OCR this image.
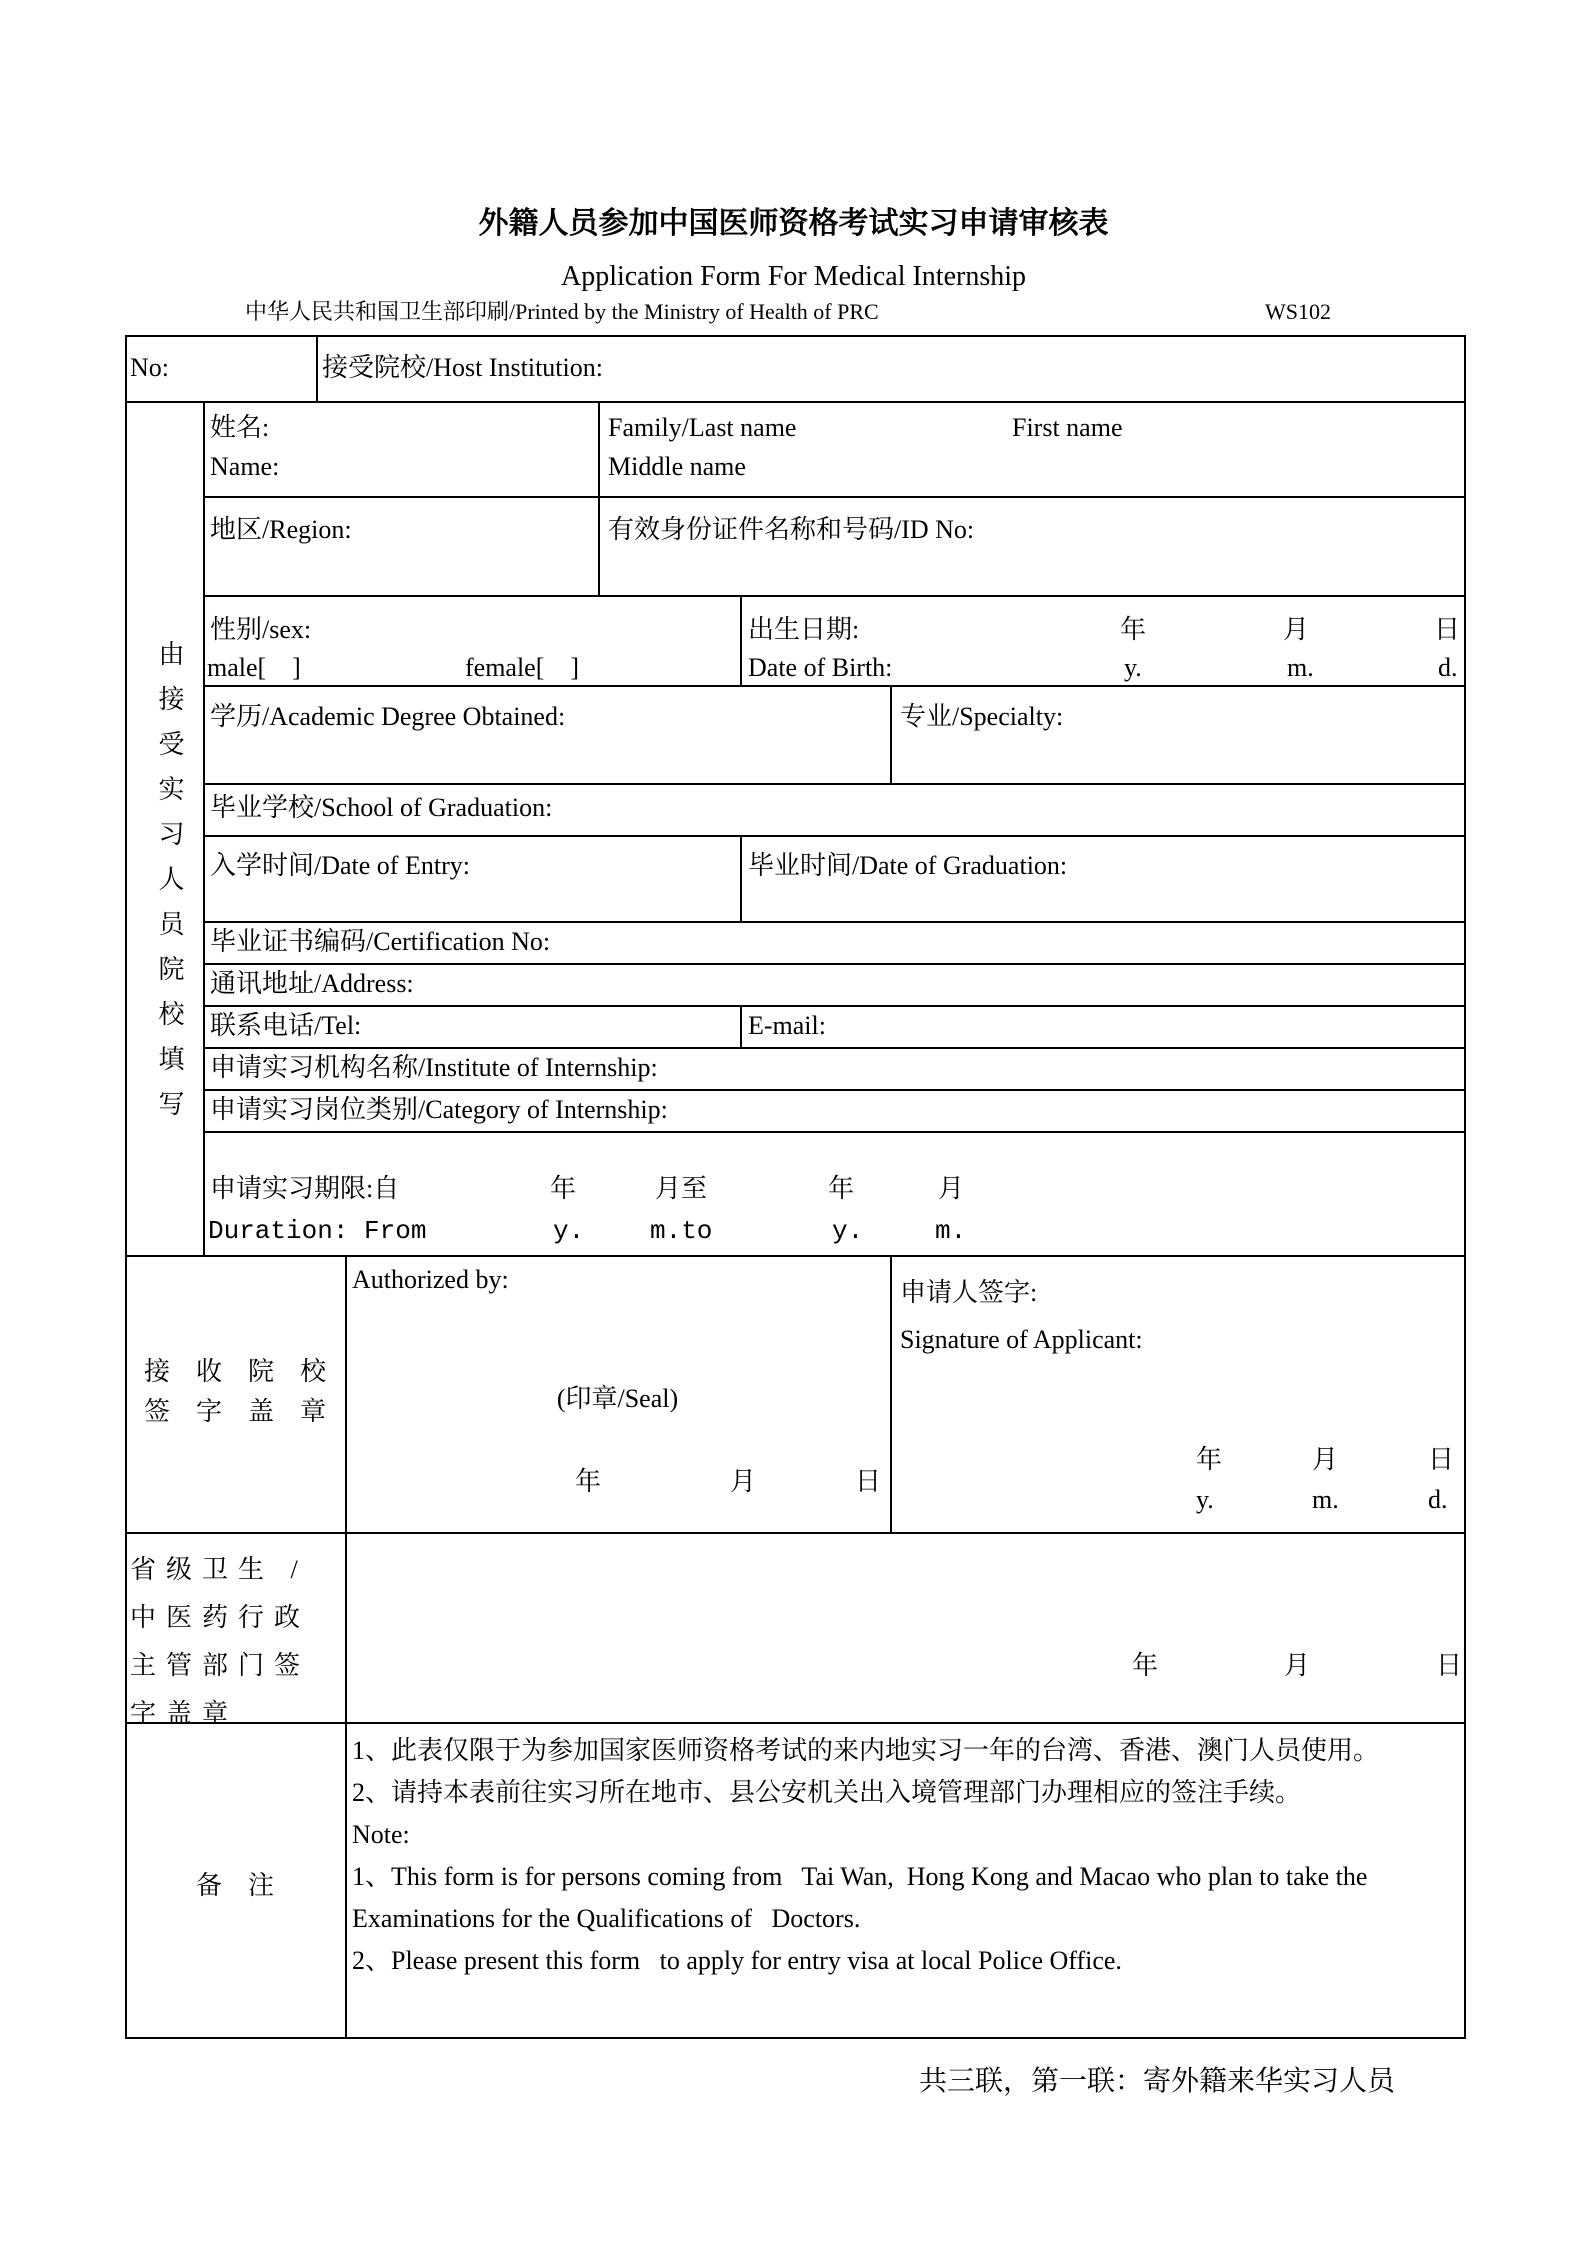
外籍人员参加中国医师资格考试实习申请审核表
Application Form For Medical Internship
中华人民共和国卫生部印刷/Printed by the Ministry of Health of PRC	WS102
No:	接受院校/Host Institution:
由接受实习人员院校填写
姓名:
Name:
Family/Last name	First name
Middle name
地区/Region:	有效身份证件名称和号码/ID No:
性别/sex:
male[    ]	female[    ]
出生日期:	年	月	日
Date of Birth:	y.	m.	d.
学历/Academic Degree Obtained:	专业/Specialty:
毕业学校/School of Graduation:
入学时间/Date of Entry:	毕业时间/Date of Graduation:
毕业证书编码/Certification No:
通讯地址/Address:
联系电话/Tel:	E-mail:
申请实习机构名称/Institute of Internship:
申请实习岗位类别/Category of Internship:
申请实习期限:自	年	月至	年	月
Duration: From	y.	m.to	y.	m.
接　收　院　校
签　字　盖　章
Authorized by:
(印章/Seal)
年	月	日
申请人签字:
Signature of Applicant:
年	月	日
y.	m.	d.
省级卫生 /
中医药行政
主管部门签
字盖章
年	月	日
备　注
1、此表仅限于为参加国家医师资格考试的来内地实习一年的台湾、香港、澳门人员使用。
2、请持本表前往实习所在地市、县公安机关出入境管理部门办理相应的签注手续。
Note:
1、This form is for persons coming from   Tai Wan,  Hong Kong and Macao who plan to take the
Examinations for the Qualifications of   Doctors.
2、Please present this form   to apply for entry visa at local Police Office.
共三联，第一联：寄外籍来华实习人员
